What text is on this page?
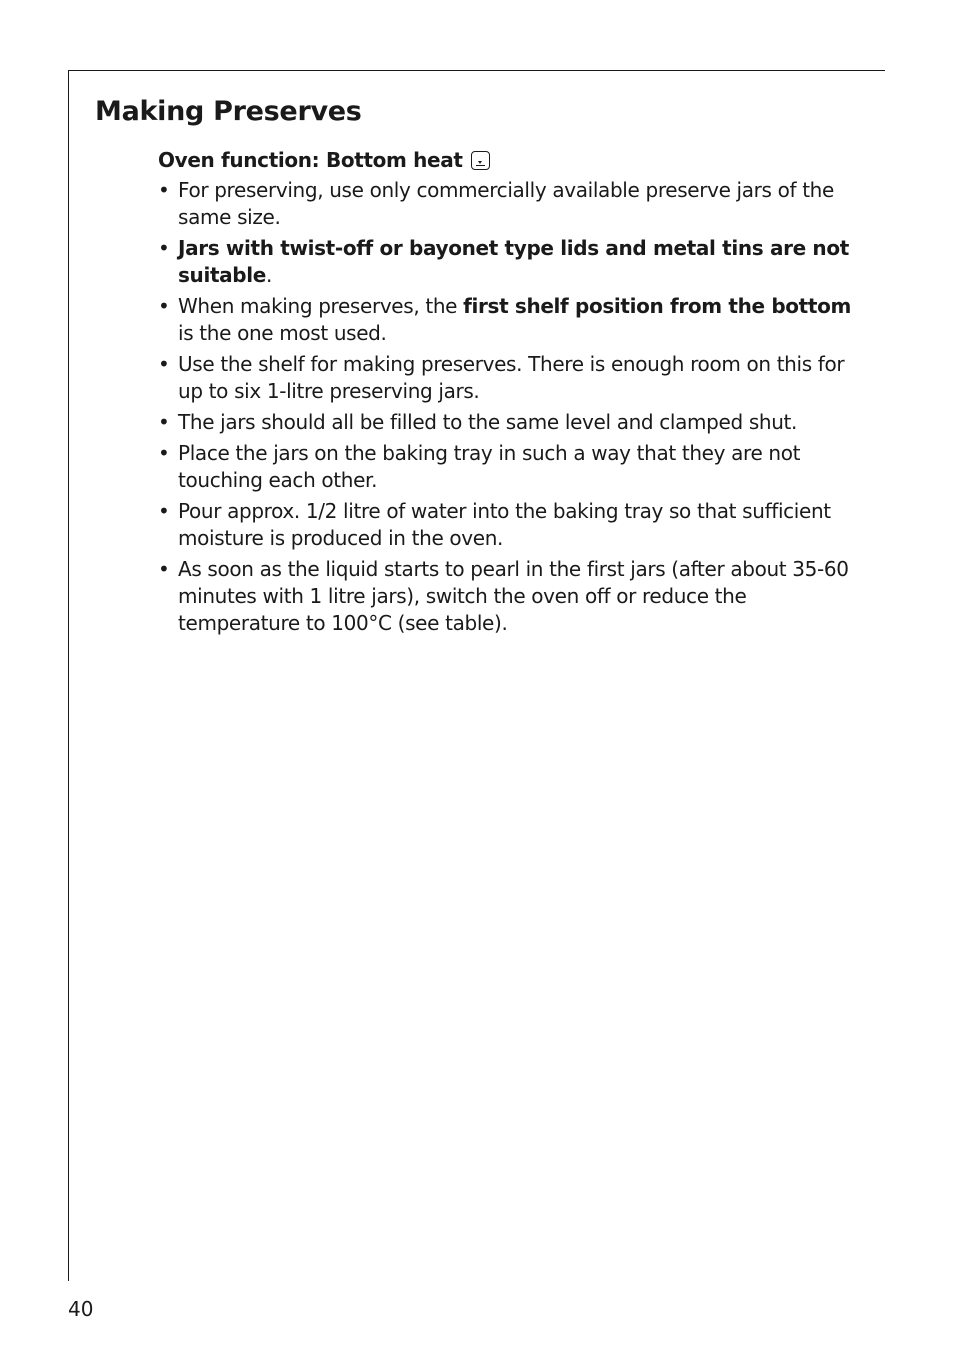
Making Preserves
Oven function: Bottom heat
• For preserving, use only commercially available preserve jars of the same size.
• Jars with twist-off or bayonet type lids and metal tins are not suitable.
• When making preserves, the first shelf position from the bottom is the one most used.
• Use the shelf for making preserves. There is enough room on this for up to six 1-litre preserving jars.
• The jars should all be filled to the same level and clamped shut.
• Place the jars on the baking tray in such a way that they are not touching each other.
• Pour approx. 1/2 litre of water into the baking tray so that sufficient moisture is produced in the oven.
• As soon as the liquid starts to pearl in the first jars (after about 35-60 minutes with 1 litre jars), switch the oven off or reduce the temperature to 100°C (see table).
40
